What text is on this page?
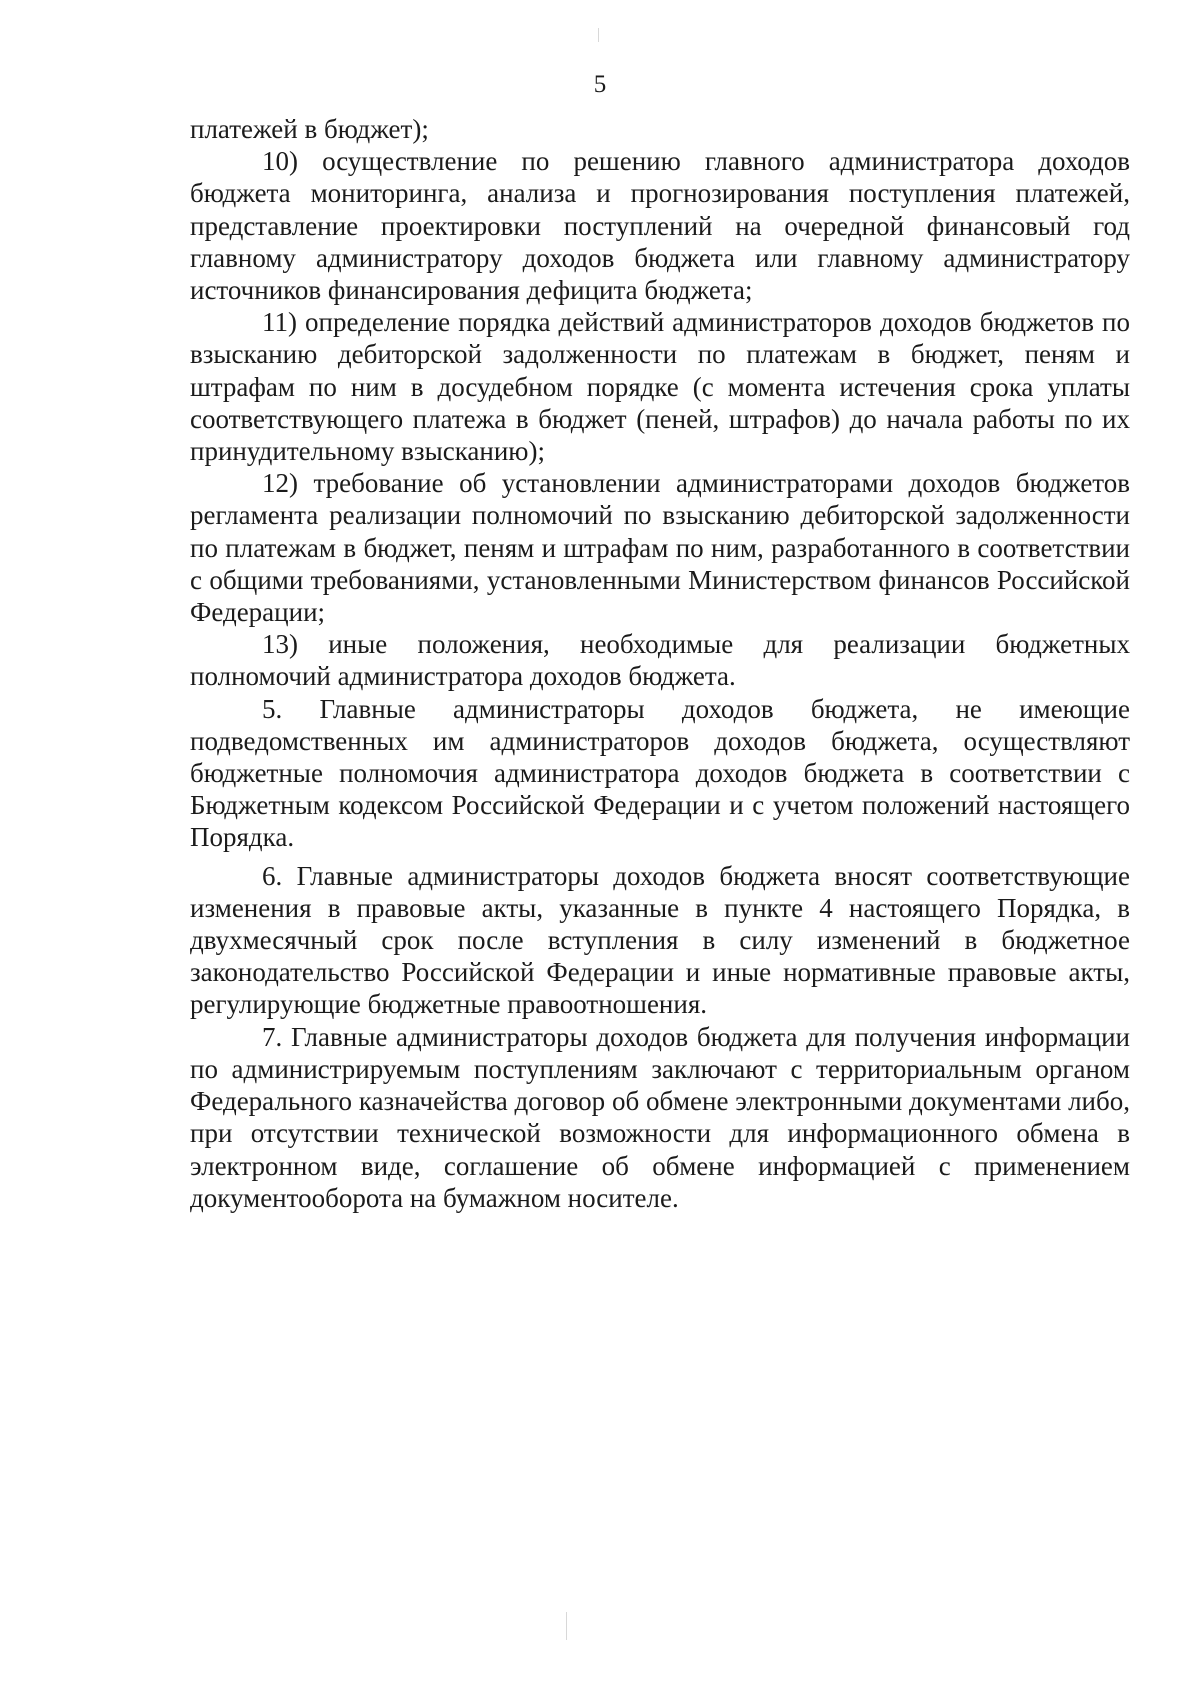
5

платежей в бюджет);

10) осуществление по решению главного администратора доходов бюджета мониторинга, анализа и прогнозирования поступления платежей, представление проектировки поступлений на очередной финансовый год главному администратору доходов бюджета или главному администратору источников финансирования дефицита бюджета;

11) определение порядка действий администраторов доходов бюджетов по взысканию дебиторской задолженности по платежам в бюджет, пеням и штрафам по ним в досудебном порядке (с момента истечения срока уплаты соответствующего платежа в бюджет (пеней, штрафов) до начала работы по их принудительному взысканию);

12) требование об установлении администраторами доходов бюджетов регламента реализации полномочий по взысканию дебиторской задолженности по платежам в бюджет, пеням и штрафам по ним, разработанного в соответствии с общими требованиями, установленными Министерством финансов Российской Федерации;

13) иные положения, необходимые для реализации бюджетных полномочий администратора доходов бюджета.

5. Главные администраторы доходов бюджета, не имеющие подведомственных им администраторов доходов бюджета, осуществляют бюджетные полномочия администратора доходов бюджета в соответствии с Бюджетным кодексом Российской Федерации и с учетом положений настоящего Порядка.

6. Главные администраторы доходов бюджета вносят соответствующие изменения в правовые акты, указанные в пункте 4 настоящего Порядка, в двухмесячный срок после вступления в силу изменений в бюджетное законодательство Российской Федерации и иные нормативные правовые акты, регулирующие бюджетные правоотношения.

7. Главные администраторы доходов бюджета для получения информации по администрируемым поступлениям заключают с территориальным органом Федерального казначейства договор об обмене электронными документами либо, при отсутствии технической возможности для информационного обмена в электронном виде, соглашение об обмене информацией с применением документооборота на бумажном носителе.
